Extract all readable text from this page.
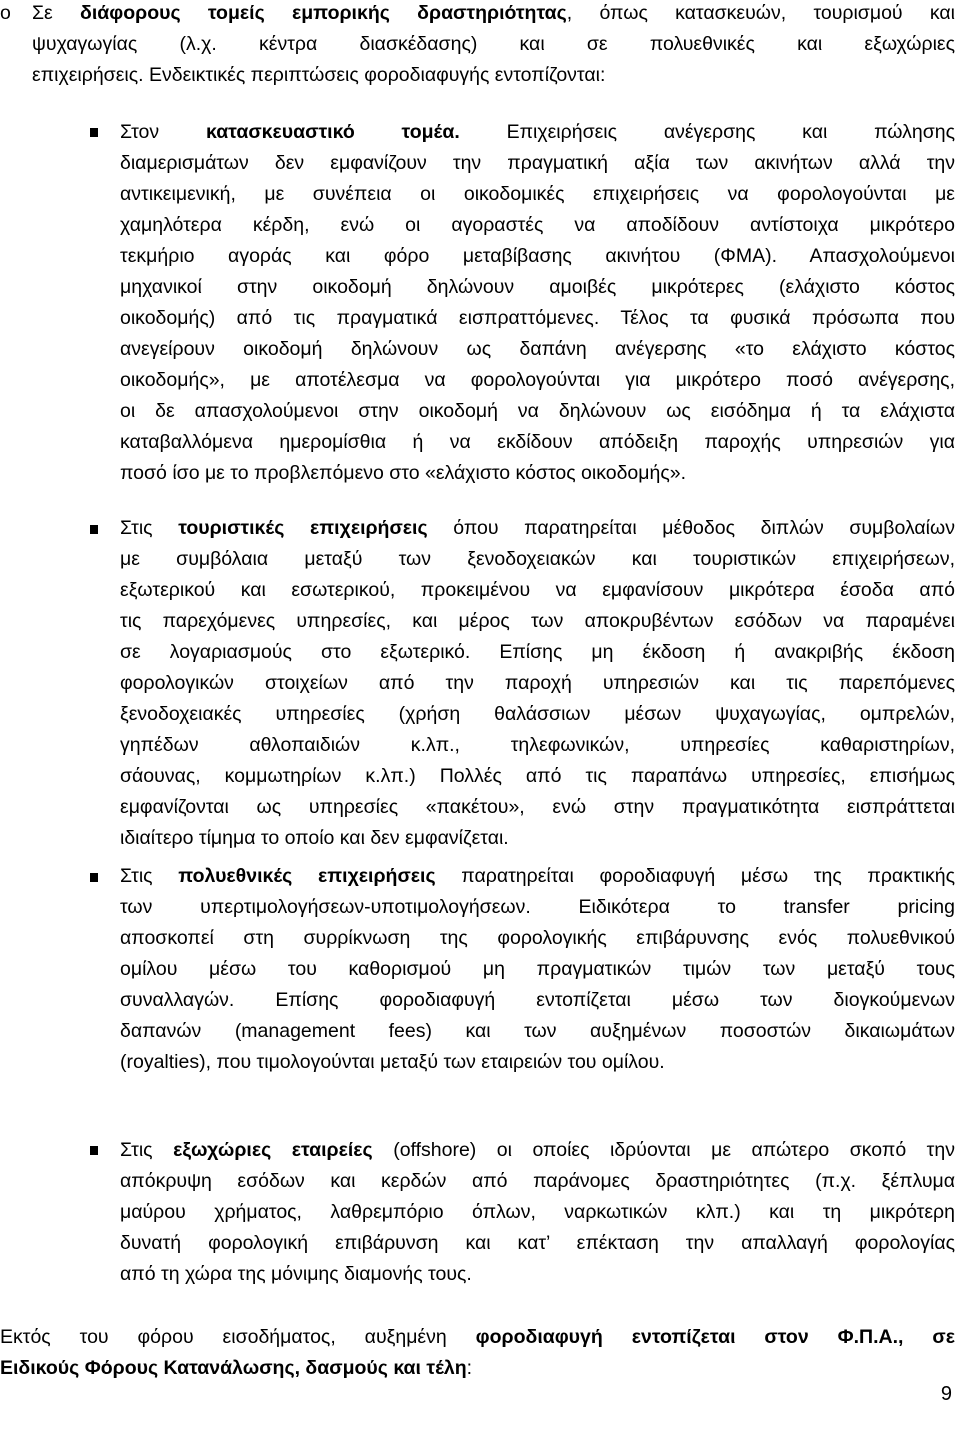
o Σε διάφορους τομείς εμπορικής δραστηριότητας, όπως κατασκευών, τουρισμού και
ψυχαγωγίας (λ.χ. κέντρα διασκέδασης) και σε πολυεθνικές και εξωχώριες
επιχειρήσεις. Ενδεικτικές περιπτώσεις φοροδιαφυγής εντοπίζονται:
Στον κατασκευαστικό τομέα. Επιχειρήσεις ανέγερσης και πώλησης
διαμερισμάτων δεν εμφανίζουν την πραγματική αξία των ακινήτων αλλά την
αντικειμενική, με συνέπεια οι οικοδομικές επιχειρήσεις να φορολογούνται με
χαμηλότερα κέρδη, ενώ οι αγοραστές να αποδίδουν αντίστοιχα μικρότερο
τεκμήριο αγοράς και φόρο μεταβίβασης ακινήτου (ΦΜΑ). Απασχολούμενοι
μηχανικοί στην οικοδομή δηλώνουν αμοιβές μικρότερες (ελάχιστο κόστος
οικοδομής) από τις πραγματικά εισπραττόμενες. Τέλος τα φυσικά πρόσωπα που
ανεγείρουν οικοδομή δηλώνουν ως δαπάνη ανέγερσης «το ελάχιστο κόστος
οικοδομής», με αποτέλεσμα να φορολογούνται για μικρότερο ποσό ανέγερσης,
οι δε απασχολούμενοι στην οικοδομή να δηλώνουν ως εισόδημα ή τα ελάχιστα
καταβαλλόμενα ημερομίσθια ή να εκδίδουν απόδειξη παροχής υπηρεσιών για
ποσό ίσο με το προβλεπόμενο στο «ελάχιστο κόστος οικοδομής».
Στις τουριστικές επιχειρήσεις όπου παρατηρείται μέθοδος διπλών συμβολαίων
με συμβόλαια μεταξύ των ξενοδοχειακών και τουριστικών επιχειρήσεων,
εξωτερικού και εσωτερικού, προκειμένου να εμφανίσουν μικρότερα έσοδα από
τις παρεχόμενες υπηρεσίες, και μέρος των αποκρυβέντων εσόδων να παραμένει
σε λογαριασμούς στο εξωτερικό. Επίσης μη έκδοση ή ανακριβής έκδοση
φορολογικών στοιχείων από την παροχή υπηρεσιών και τις παρεπόμενες
ξενοδοχειακές υπηρεσίες (χρήση θαλάσσιων μέσων ψυχαγωγίας, ομπρελών,
γηπέδων αθλοπαιδιών κ.λπ., τηλεφωνικών, υπηρεσίες καθαριστηρίων,
σάουνας, κομμωτηρίων κ.λπ.) Πολλές από τις παραπάνω υπηρεσίες, επισήμως
εμφανίζονται ως υπηρεσίες «πακέτου», ενώ στην πραγματικότητα εισπράττεται
ιδιαίτερο τίμημα το οποίο και δεν εμφανίζεται.
Στις πολυεθνικές επιχειρήσεις παρατηρείται φοροδιαφυγή μέσω της πρακτικής
των υπερτιμολογήσεων-υποτιμολογήσεων. Ειδικότερα το transfer pricing
αποσκοπεί στη συρρίκνωση της φορολογικής επιβάρυνσης ενός πολυεθνικού
ομίλου μέσω του καθορισμού μη πραγματικών τιμών των μεταξύ τους
συναλλαγών. Επίσης φοροδιαφυγή εντοπίζεται μέσω των διογκούμενων
δαπανών (management fees) και των αυξημένων ποσοστών δικαιωμάτων
(royalties), που τιμολογούνται μεταξύ των εταιρειών του ομίλου.
Στις εξωχώριες εταιρείες (offshore) οι οποίες ιδρύονται με απώτερο σκοπό την
απόκρυψη εσόδων και κερδών από παράνομες δραστηριότητες (π.χ. ξέπλυμα
μαύρου χρήματος, λαθρεμπόριο όπλων, ναρκωτικών κλπ.) και τη μικρότερη
δυνατή φορολογική επιβάρυνση και κατ’ επέκταση την απαλλαγή φορολογίας
από τη χώρα της μόνιμης διαμονής τους.
Εκτός του φόρου εισοδήματος, αυξημένη φοροδιαφυγή εντοπίζεται στον Φ.Π.Α., σε
Ειδικούς Φόρους Κατανάλωσης, δασμούς και τέλη:
9
